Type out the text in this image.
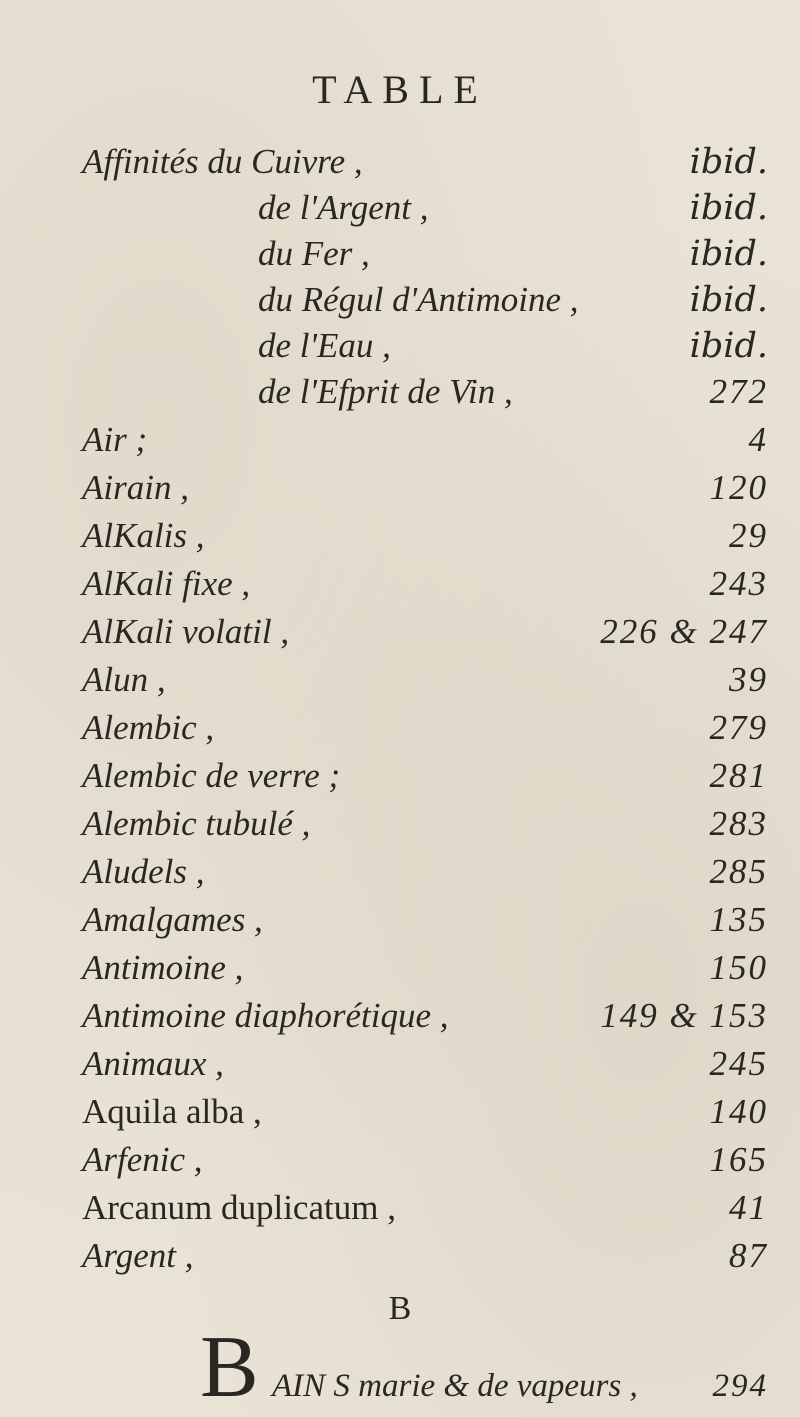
TABLE
Affinités du Cuivre ,	ibid.
de l'Argent ,	ibid.
du Fer ,	ibid.
du Régul d'Antimoine ,	ibid.
de l'Eau ,	ibid.
de l'Efprit de Vin ,	272
Air ;	4
Airain ,	120
AlKalis ,	29
AlKali fixe ,	243
AlKali volatil ,	226 & 247
Alun ,	39
Alembic ,	279
Alembic de verre ;	281
Alembic tubulé ,	283
Aludels ,	285
Amalgames ,	135
Antimoine ,	150
Antimoine diaphorétique ,	149 & 153
Animaux ,	245
Aquila alba ,	140
Arfenic ,	165
Arcanum duplicatum ,	41
Argent ,	87
B
B AIN S marie & de vapeurs , 294
